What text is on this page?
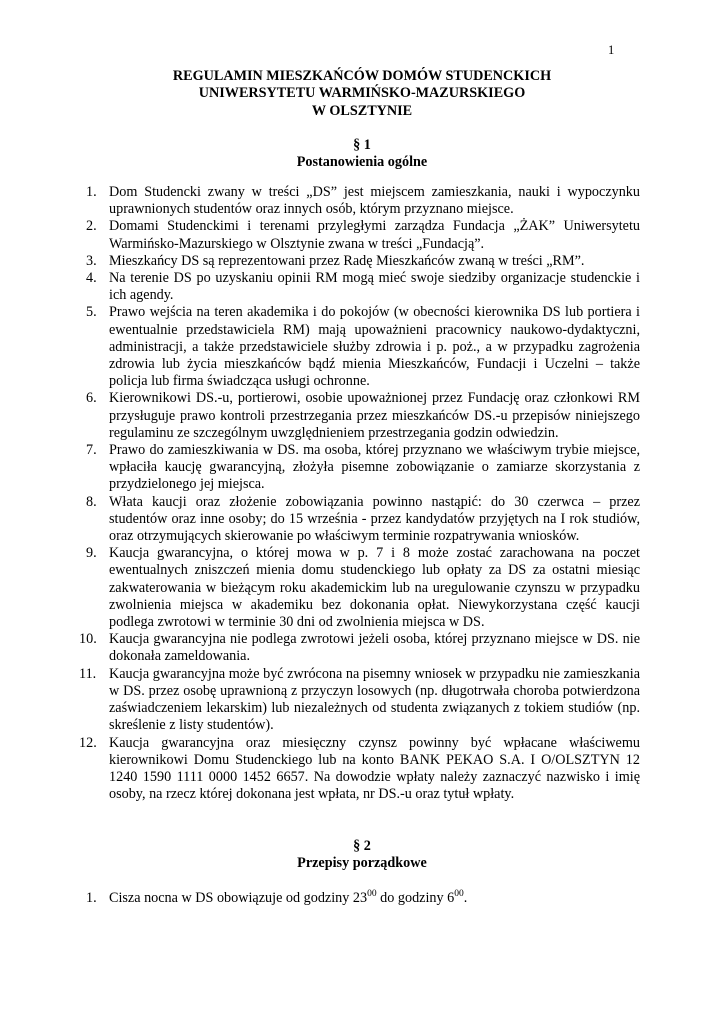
1
REGULAMIN MIESZKAŃCÓW DOMÓW STUDENCKICH
UNIWERSYTETU WARMIŃSKO-MAZURSKIEGO
W OLSZTYNIE
§ 1
Postanowienia ogólne
1. Dom Studencki zwany w treści „DS” jest miejscem zamieszkania, nauki i wypoczynku uprawnionych studentów oraz innych osób, którym przyznano miejsce.
2. Domami Studenckimi i terenami przyległymi zarządza Fundacja „ŻAK” Uniwersytetu Warmińsko-Mazurskiego w Olsztynie zwana w treści „Fundacją”.
3. Mieszkańcy DS są reprezentowani przez Radę Mieszkańców zwaną w treści „RM”.
4. Na terenie DS po uzyskaniu opinii RM mogą mieć swoje siedziby organizacje studenckie i ich agendy.
5. Prawo wejścia na teren akademika i do pokojów (w obecności kierownika DS lub portiera i ewentualnie przedstawiciela RM) mają upoważnieni pracownicy naukowo-dydaktyczni, administracji, a także przedstawiciele służby zdrowia i p. poż., a w przypadku zagrożenia zdrowia lub życia mieszkańców bądź mienia Mieszkańców, Fundacji i Uczelni – także policja lub firma świadcząca usługi ochronne.
6. Kierownikowi DS.-u, portierowi, osobie upoważnionej przez Fundację oraz członkowi RM przysługuje prawo kontroli przestrzegania przez mieszkańców DS.-u przepisów niniejszego regulaminu ze szczególnym uwzględnieniem przestrzegania godzin odwiedzin.
7. Prawo do zamieszkiwania w DS. ma osoba, której przyznano we właściwym trybie miejsce, wpłaciła kaucję gwarancyjną, złożyła pisemne zobowiązanie o zamiarze skorzystania z przydzielonego jej miejsca.
8. Włata kaucji oraz złożenie zobowiązania powinno nastąpić: do 30 czerwca – przez studentów oraz inne osoby; do 15 września - przez kandydatów przyjętych na I rok studiów, oraz otrzymujących skierowanie po właściwym terminie rozpatrywania wniosków.
9. Kaucja gwarancyjna, o której mowa w p. 7 i 8 może zostać zarachowana na poczet ewentualnych zniszczeń mienia domu studenckiego lub opłaty za DS za ostatni miesiąc zakwaterowania w bieżącym roku akademickim lub na uregulowanie czynszu w przypadku zwolnienia miejsca w akademiku bez dokonania opłat. Niewykorzystana część kaucji podlega zwrotowi w terminie 30 dni od zwolnienia miejsca w DS.
10. Kaucja gwarancyjna nie podlega zwrotowi jeżeli osoba, której przyznano miejsce w DS. nie dokonała zameldowania.
11. Kaucja gwarancyjna może być zwrócona na pisemny wniosek w przypadku nie zamieszkania w DS. przez osobę uprawnioną z przyczyn losowych (np. długotrwała choroba potwierdzona zaświadczeniem lekarskim) lub niezależnych od studenta związanych z tokiem studiów (np. skreślenie z listy studentów).
12. Kaucja gwarancyjna oraz miesięczny czynsz powinny być wpłacane właściwemu kierownikowi Domu Studenckiego lub na konto BANK PEKAO S.A. I O/OLSZTYN 12 1240 1590 1111 0000 1452 6657. Na dowodzie wpłaty należy zaznaczyć nazwisko i imię osoby, na rzecz której dokonana jest wpłata, nr DS.-u oraz tytuł wpłaty.
§ 2
Przepisy porządkowe
1. Cisza nocna w DS obowiązuje od godziny $23^{00}$ do godziny $6^{00}$.
